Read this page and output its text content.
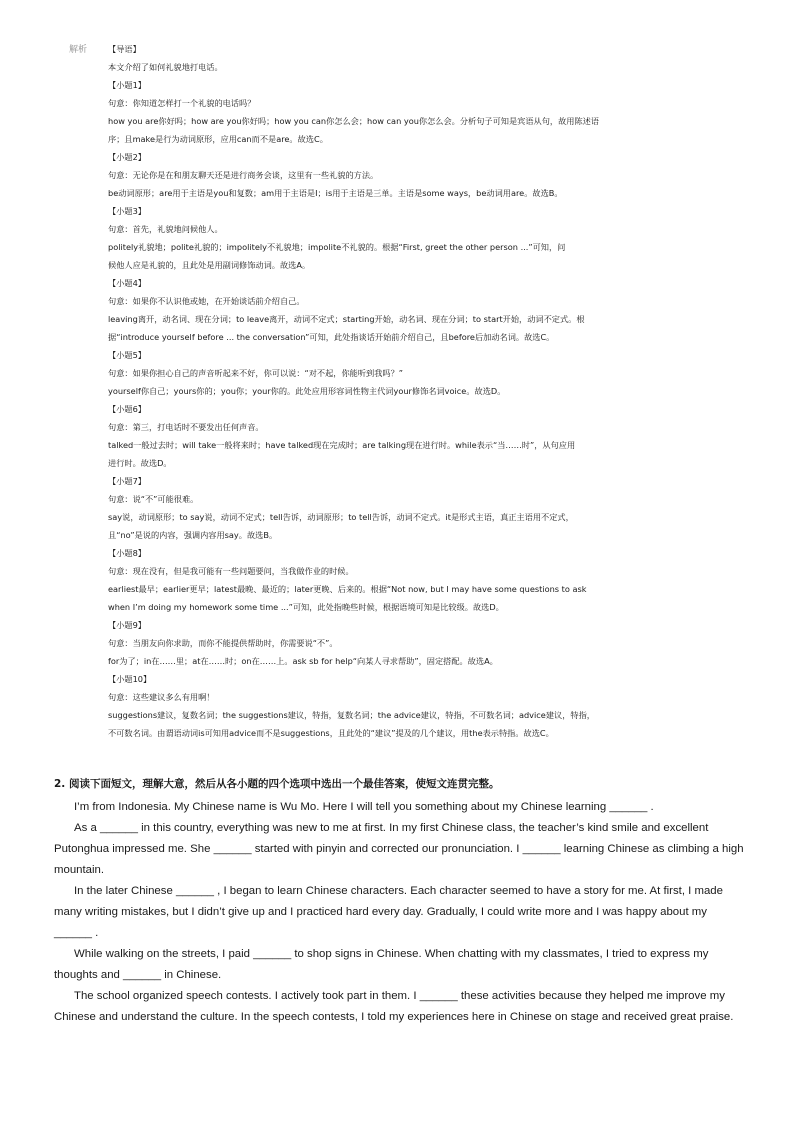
解析	【导语】
本文介绍了如何礼貌地打电话。
【小题1】
句意：你知道怎样打一个礼貌的电话吗？
how you are你好吗；how are you你好吗；how you can你怎么会；how can you你怎么会。分析句子可知是宾语从句，故用陈述语
序；且make是行为动词原形，应用can而不是are。故选C。
【小题2】
句意：无论你是在和朋友聊天还是进行商务会谈，这里有一些礼貌的方法。
be动词原形；are用于主语是you和复数；am用于主语是I；is用于主语是三单。主语是some ways，be动词用are。故选B。
【小题3】
句意：首先，礼貌地问候他人。
politely礼貌地；polite礼貌的；impolitely不礼貌地；impolite不礼貌的。根据“First, greet the other person ...”可知，问
候他人应是礼貌的，且此处是用副词修饰动词。故选A。
【小题4】
句意：如果你不认识他或她，在开始谈话前介绍自己。
leaving离开，动名词、现在分词；to leave离开，动词不定式；starting开始，动名词、现在分词；to start开始，动词不定式。根
据“introduce yourself before ... the conversation”可知，此处指谈话开始前介绍自己，且before后加动名词。故选C。
【小题5】
句意：如果你担心自己的声音听起来不好，你可以说：“对不起，你能听到我吗？”
yourself你自己；yours你的；you你；your你的。此处应用形容词性物主代词your修饰名词voice。故选D。
【小题6】
句意：第三，打电话时不要发出任何声音。
talked一般过去时；will take一般将来时；have talked现在完成时；are talking现在进行时。while表示“当……时”，从句应用
进行时。故选D。
【小题7】
句意：说“不”可能很难。
say说，动词原形；to say说，动词不定式；tell告诉，动词原形；to tell告诉，动词不定式。it是形式主语，真正主语用不定式，
且“no”是说的内容，强调内容用say。故选B。
【小题8】
句意：现在没有，但是我可能有一些问题要问，当我做作业的时候。
earliest最早；earlier更早；latest最晚、最近的；later更晚、后来的。根据“Not now, but I may have some questions to ask
when I’m doing my homework some time ...”可知，此处指晚些时候，根据语境可知是比较级。故选D。
【小题9】
句意：当朋友向你求助，而你不能提供帮助时，你需要说“不”。
for为了；in在……里；at在……时；on在……上。ask sb for help“向某人寻求帮助”，固定搭配。故选A。
【小题10】
句意：这些建议多么有用啊！
suggestions建议，复数名词；the suggestions建议，特指，复数名词；the advice建议，特指，不可数名词；advice建议，特指，
不可数名词。由谓语动词is可知用advice而不是suggestions，且此处的“建议”提及的几个建议，用the表示特指。故选C。
2. 阅读下面短文，理解大意，然后从各小题的四个选项中选出一个最佳答案，使短文连贯完整。

I’m from Indonesia. My Chinese name is Wu Mo. Here I will tell you something about my Chinese learning ______ .

As a ______ in this country, everything was new to me at first. In my first Chinese class, the teacher’s kind smile and excellent Putonghua impressed me. She ______ started with pinyin and corrected our pronunciation. I ______ learning Chinese as climbing a high mountain.

In the later Chinese ______ , I began to learn Chinese characters. Each character seemed to have a story for me. At first, I made many writing mistakes, but I didn’t give up and I practiced hard every day. Gradually, I could write more and I was happy about my ______ .

While walking on the streets, I paid ______ to shop signs in Chinese. When chatting with my classmates, I tried to express my thoughts and ______ in Chinese.

The school organized speech contests. I actively took part in them. I ______ these activities because they helped me improve my Chinese and understand the culture. In the speech contests, I told my experiences here in Chinese on stage and received great praise.
